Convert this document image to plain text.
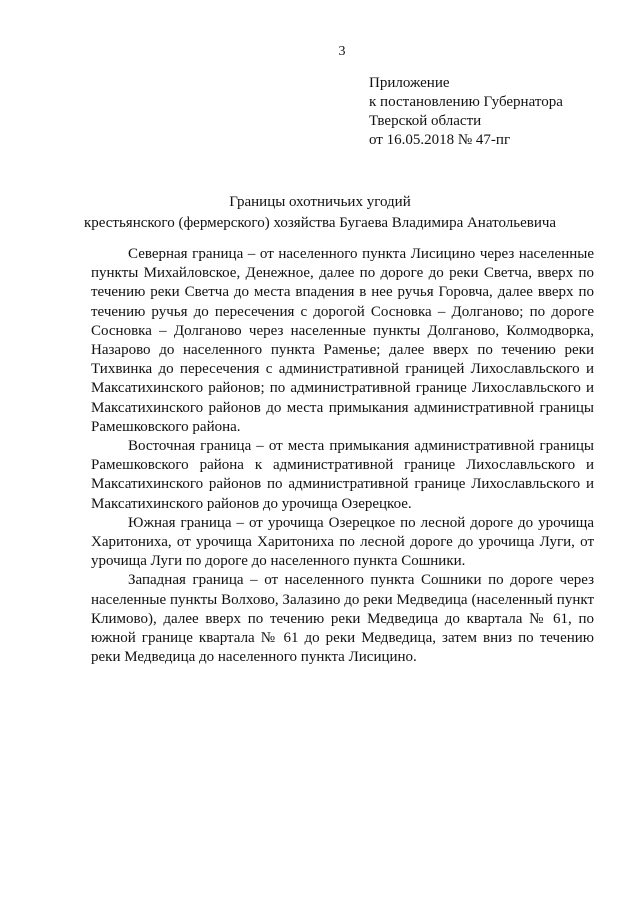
3
Приложение
к постановлению Губернатора
Тверской области
от 16.05.2018 № 47-пг
Границы охотничьих угодий
крестьянского (фермерского) хозяйства Бугаева Владимира Анатольевича

Северная граница – от населенного пункта Лисицино через населенные пункты Михайловское, Денежное, далее по дороге до реки Светча, вверх по течению реки Светча до места впадения в нее ручья Горовча, далее вверх по течению ручья до пересечения с дорогой Сосновка – Долганово; по дороге Сосновка – Долганово через населенные пункты Долганово, Колмодворка, Назарово до населенного пункта Раменье; далее вверх по течению реки Тихвинка до пересечения с административной границей Лихославльского и Максатихинского районов; по административной границе Лихославльского и Максатихинского районов до места примыкания административной границы Рамешковского района.

Восточная граница – от места примыкания административной границы Рамешковского района к административной границе Лихославльского и Максатихинского районов по административной границе Лихославльского и Максатихинского районов до урочища Озерецкое.

Южная граница – от урочища Озерецкое по лесной дороге до урочища Харитониха, от урочища Харитониха по лесной дороге до урочища Луги, от урочища Луги по дороге до населенного пункта Сошники.

Западная граница – от населенного пункта Сошники по дороге через населенные пункты Волхово, Залазино до реки Медведица (населенный пункт Климово), далее вверх по течению реки Медведица до квартала № 61, по южной границе квартала № 61 до реки Медведица, затем вниз по течению реки Медведица до населенного пункта Лисицино.
